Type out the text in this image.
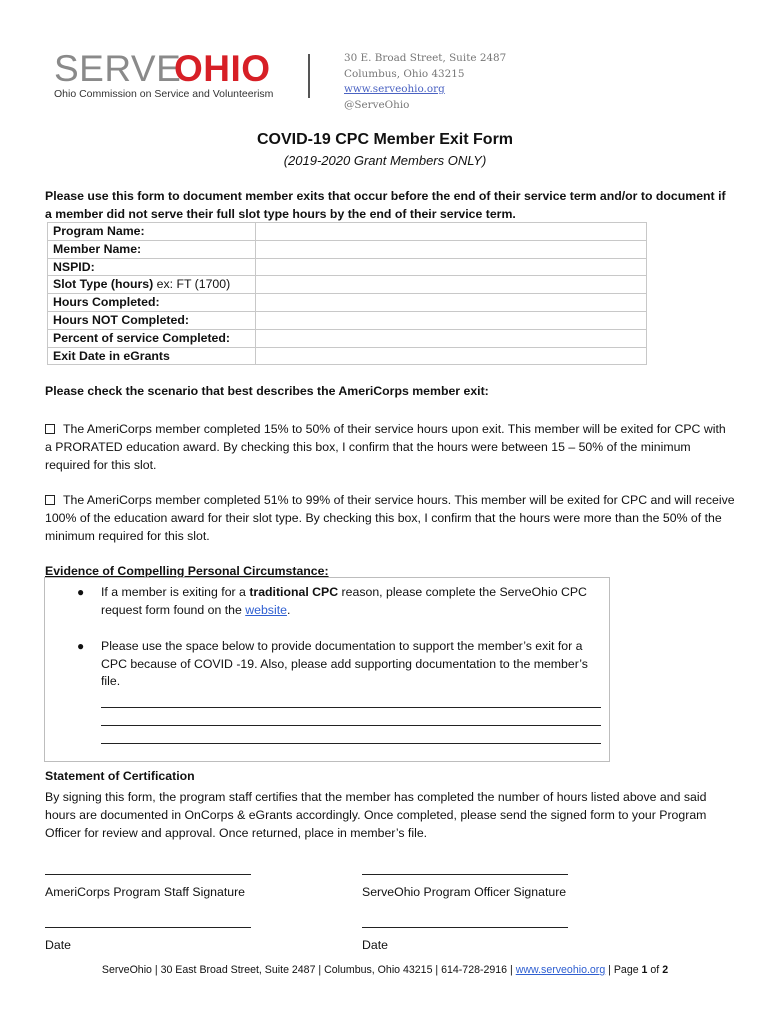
SERVE
OHIO
Ohio Commission on Service and Volunteerism
30 E. Broad Street, Suite 2487
Columbus, Ohio 43215
www.serveohio.org
@ServeOhio
COVID-19 CPC Member Exit Form
(2019-2020 Grant Members ONLY)
Please use this form to document member exits that occur before the end of their service term and/or to document if a member did not serve their full slot type hours by the end of their service term.
Program Name:	
Member Name:	
NSPID:	
Slot Type (hours) ex: FT (1700)	
Hours Completed:	
Hours NOT Completed:	
Percent of service Completed:	
Exit Date in eGrants	
Please check the scenario that best describes the AmeriCorps member exit:
The AmeriCorps member completed 15% to 50% of their service hours upon exit. This member will be exited for CPC with a PRORATED education award. By checking this box, I confirm that the hours were between 15 – 50% of the minimum required for this slot.
The AmeriCorps member completed 51% to 99% of their service hours. This member will be exited for CPC and will receive 100% of the education award for their slot type. By checking this box, I confirm that the hours were more than the 50% of the minimum required for this slot.
Evidence of Compelling Personal Circumstance:
● If a member is exiting for a traditional CPC reason, please complete the ServeOhio CPC request form found on the website.
● Please use the space below to provide documentation to support the member’s exit for a CPC because of COVID -19. Also, please add supporting documentation to the member’s file.
Statement of Certification
By signing this form, the program staff certifies that the member has completed the number of hours listed above and said hours are documented in OnCorps & eGrants accordingly. Once completed, please send the signed form to your Program Officer for review and approval. Once returned, place in member’s file.
AmeriCorps Program Staff Signature	ServeOhio Program Officer Signature
Date	Date
ServeOhio | 30 East Broad Street, Suite 2487 | Columbus, Ohio 43215 | 614-728-2916 | www.serveohio.org | Page 1 of 2
